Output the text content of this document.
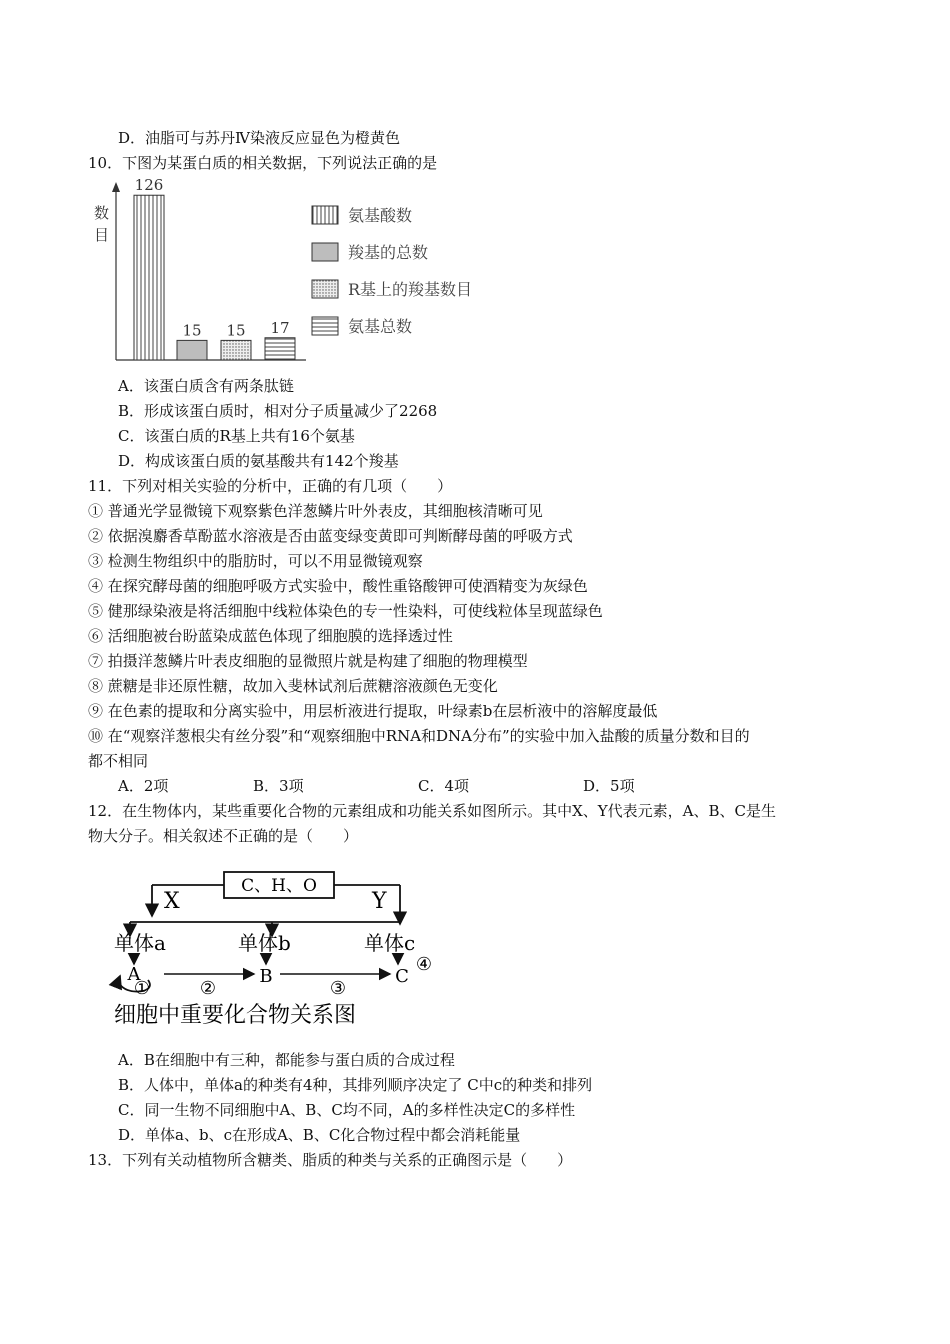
D．油脂可与苏丹Ⅳ染液反应显色为橙黄色
10．下图为某蛋白质的相关数据，下列说法正确的是
数
目
126
15 15 17
氨基酸数
羧基的总数
R基上的羧基数目
氨基总数
A．该蛋白质含有两条肽链
B．形成该蛋白质时，相对分子质量减少了2268
C．该蛋白质的R基上共有16个氨基
D．构成该蛋白质的氨基酸共有142个羧基
11．下列对相关实验的分析中，正确的有几项（　　）
① 普通光学显微镜下观察紫色洋葱鳞片叶外表皮，其细胞核清晰可见
② 依据溴麝香草酚蓝水溶液是否由蓝变绿变黄即可判断酵母菌的呼吸方式
③ 检测生物组织中的脂肪时，可以不用显微镜观察
④ 在探究酵母菌的细胞呼吸方式实验中，酸性重铬酸钾可使酒精变为灰绿色
⑤ 健那绿染液是将活细胞中线粒体染色的专一性染料，可使线粒体呈现蓝绿色
⑥ 活细胞被台盼蓝染成蓝色体现了细胞膜的选择透过性
⑦ 拍摄洋葱鳞片叶表皮细胞的显微照片就是构建了细胞的物理模型
⑧ 蔗糖是非还原性糖，故加入斐林试剂后蔗糖溶液颜色无变化
⑨ 在色素的提取和分离实验中，用层析液进行提取，叶绿素b在层析液中的溶解度最低
⑩ 在“观察洋葱根尖有丝分裂”和“观察细胞中RNA和DNA分布”的实验中加入盐酸的质量分数和目的
都不相同
A．2项	B．3项	C．4项	D．5项
12．在生物体内，某些重要化合物的元素组成和功能关系如图所示。其中X、Y代表元素，A、B、C是生
物大分子。相关叙述不正确的是（　　）
C、H、O
X	Y
单体a	单体b	单体c
A	B	C
①	②	③
④
细胞中重要化合物关系图
A．B在细胞中有三种，都能参与蛋白质的合成过程
B．人体中，单体a的种类有4种，其排列顺序决定了 C中c的种类和排列
C．同一生物不同细胞中A、B、C均不同，A的多样性决定C的多样性
D．单体a、b、c在形成A、B、C化合物过程中都会消耗能量
13．下列有关动植物所含糖类、脂质的种类与关系的正确图示是（　　）
